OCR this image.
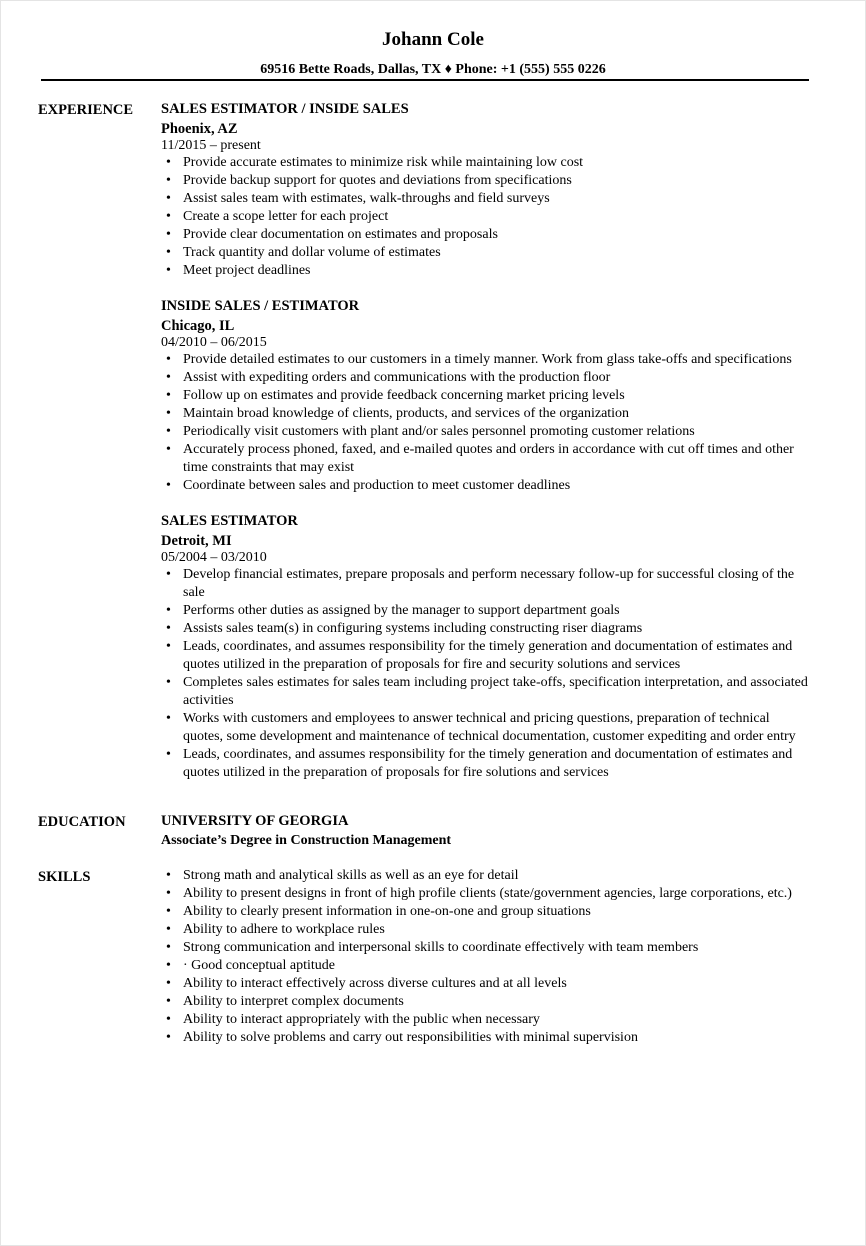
Johann Cole
69516 Bette Roads, Dallas, TX ♦ Phone: +1 (555) 555 0226
EXPERIENCE SALES ESTIMATOR / INSIDE SALES
Phoenix, AZ
11/2015 – present
• Provide accurate estimates to minimize risk while maintaining low cost
• Provide backup support for quotes and deviations from specifications
• Assist sales team with estimates, walk-throughs and field surveys
• Create a scope letter for each project
• Provide clear documentation on estimates and proposals
• Track quantity and dollar volume of estimates
• Meet project deadlines
INSIDE SALES / ESTIMATOR
Chicago, IL
04/2010 – 06/2015
• Provide detailed estimates to our customers in a timely manner. Work from glass take-offs and specifications
• Assist with expediting orders and communications with the production floor
• Follow up on estimates and provide feedback concerning market pricing levels
• Maintain broad knowledge of clients, products, and services of the organization
• Periodically visit customers with plant and/or sales personnel promoting customer relations
• Accurately process phoned, faxed, and e-mailed quotes and orders in accordance with cut off times and other time constraints that may exist
• Coordinate between sales and production to meet customer deadlines
SALES ESTIMATOR
Detroit, MI
05/2004 – 03/2010
• Develop financial estimates, prepare proposals and perform necessary follow-up for successful closing of the sale
• Performs other duties as assigned by the manager to support department goals
• Assists sales team(s) in configuring systems including constructing riser diagrams
• Leads, coordinates, and assumes responsibility for the timely generation and documentation of estimates and quotes utilized in the preparation of proposals for fire and security solutions and services
• Completes sales estimates for sales team including project take-offs, specification interpretation, and associated activities
• Works with customers and employees to answer technical and pricing questions, preparation of technical quotes, some development and maintenance of technical documentation, customer expediting and order entry
• Leads, coordinates, and assumes responsibility for the timely generation and documentation of estimates and quotes utilized in the preparation of proposals for fire solutions and services
EDUCATION UNIVERSITY OF GEORGIA
Associate’s Degree in Construction Management
SKILLS
•	Strong math and analytical skills as well as an eye for detail
• Ability to present designs in front of high profile clients (state/government agencies, large corporations, etc.)
• Ability to clearly present information in one-on-one and group situations
• Ability to adhere to workplace rules
• Strong communication and interpersonal skills to coordinate effectively with team members
• · Good conceptual aptitude
• Ability to interact effectively across diverse cultures and at all levels
• Ability to interpret complex documents
• Ability to interact appropriately with the public when necessary
• Ability to solve problems and carry out responsibilities with minimal supervision
